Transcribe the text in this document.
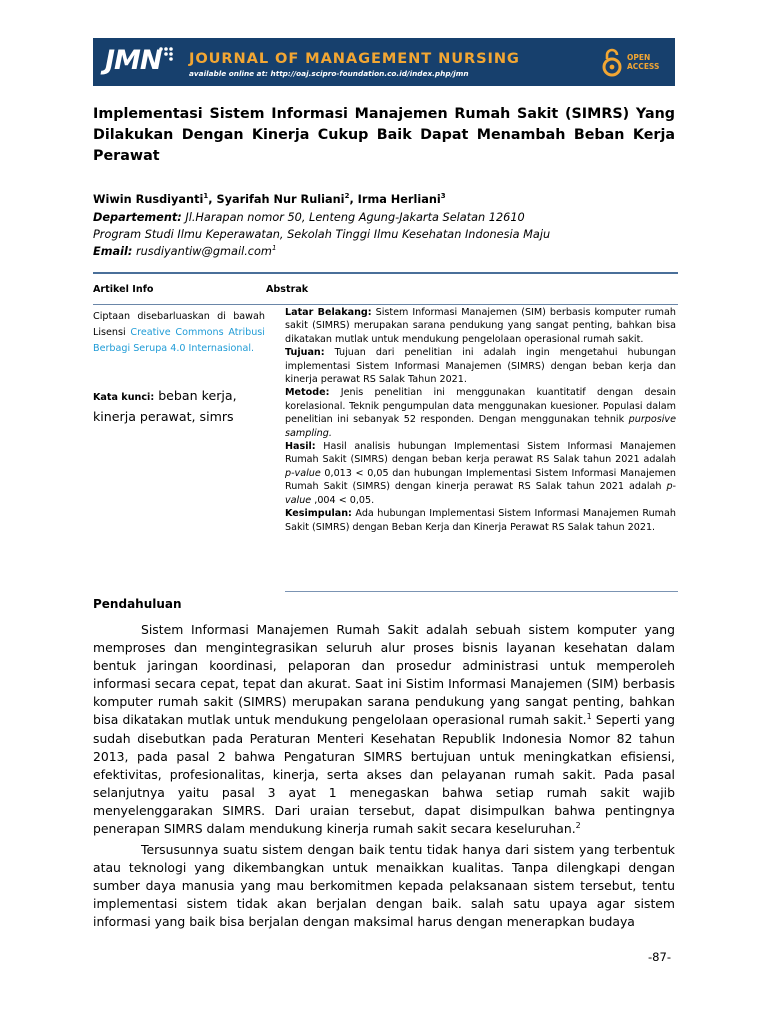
JMN JOURNAL OF MANAGEMENT NURSING
available online at: http://oaj.scipro-foundation.co.id/index.php/jmn
OPEN
ACCESS
Implementasi Sistem Informasi Manajemen Rumah Sakit (SIMRS) Yang Dilakukan Dengan Kinerja Cukup Baik Dapat Menambah Beban Kerja Perawat
Wiwin Rusdiyanti$^1$, Syarifah Nur Ruliani$^2$, Irma Herliani$^3$
Departement: Jl.Harapan nomor 50, Lenteng Agung-Jakarta Selatan 12610
Program Studi Ilmu Keperawatan, Sekolah Tinggi Ilmu Kesehatan Indonesia Maju
Email: rusdiyantiw@gmail.com$^1$
Artikel Info	Abstrak
Ciptaan disebarluaskan di bawah Lisensi Creative Commons Atribusi Berbagi Serupa 4.0 Internasional.
Kata kunci: beban kerja, kinerja perawat, simrs

Latar Belakang: Sistem Informasi Manajemen (SIM) berbasis komputer rumah sakit (SIMRS) merupakan sarana pendukung yang sangat penting, bahkan bisa dikatakan mutlak untuk mendukung pengelolaan operasional rumah sakit.

Tujuan: Tujuan dari penelitian ini adalah ingin mengetahui hubungan implementasi Sistem Informasi Manajemen (SIMRS) dengan beban kerja dan kinerja perawat RS Salak Tahun 2021.

Metode: Jenis penelitian ini menggunakan kuantitatif dengan desain korelasional. Teknik pengumpulan data menggunakan kuesioner. Populasi dalam penelitian ini sebanyak 52 responden. Dengan menggunakan tehnik purposive sampling.

Hasil: Hasil analisis hubungan Implementasi Sistem Informasi Manajemen Rumah Sakit (SIMRS) dengan beban kerja perawat RS Salak tahun 2021 adalah p-value 0,013 < 0,05 dan hubungan Implementasi Sistem Informasi Manajemen Rumah Sakit (SIMRS) dengan kinerja perawat RS Salak tahun 2021 adalah p-value ,004 < 0,05.

Kesimpulan: Ada hubungan Implementasi Sistem Informasi Manajemen Rumah Sakit (SIMRS) dengan Beban Kerja dan Kinerja Perawat RS Salak tahun 2021.

Pendahuluan

Sistem Informasi Manajemen Rumah Sakit adalah sebuah sistem komputer yang memproses dan mengintegrasikan seluruh alur proses bisnis layanan kesehatan dalam bentuk jaringan koordinasi, pelaporan dan prosedur administrasi untuk memperoleh informasi secara cepat, tepat dan akurat. Saat ini Sistim Informasi Manajemen (SIM) berbasis komputer rumah sakit (SIMRS) merupakan sarana pendukung yang sangat penting, bahkan bisa dikatakan mutlak untuk mendukung pengelolaan operasional rumah sakit.$^1$ Seperti yang sudah disebutkan pada Peraturan Menteri Kesehatan Republik Indonesia Nomor 82 tahun 2013, pada pasal 2 bahwa Pengaturan SIMRS bertujuan untuk meningkatkan efisiensi, efektivitas, profesionalitas, kinerja, serta akses dan pelayanan rumah sakit. Pada pasal selanjutnya yaitu pasal 3 ayat 1 menegaskan bahwa setiap rumah sakit wajib menyelenggarakan SIMRS. Dari uraian tersebut, dapat disimpulkan bahwa pentingnya penerapan SIMRS dalam mendukung kinerja rumah sakit secara keseluruhan.$^2$

Tersusunnya suatu sistem dengan baik tentu tidak hanya dari sistem yang terbentuk atau teknologi yang dikembangkan untuk menaikkan kualitas. Tanpa dilengkapi dengan sumber daya manusia yang mau berkomitmen kepada pelaksanaan sistem tersebut, tentu implementasi sistem tidak akan berjalan dengan baik. salah satu upaya agar sistem informasi yang baik bisa berjalan dengan maksimal harus dengan menerapkan budaya

-87-
